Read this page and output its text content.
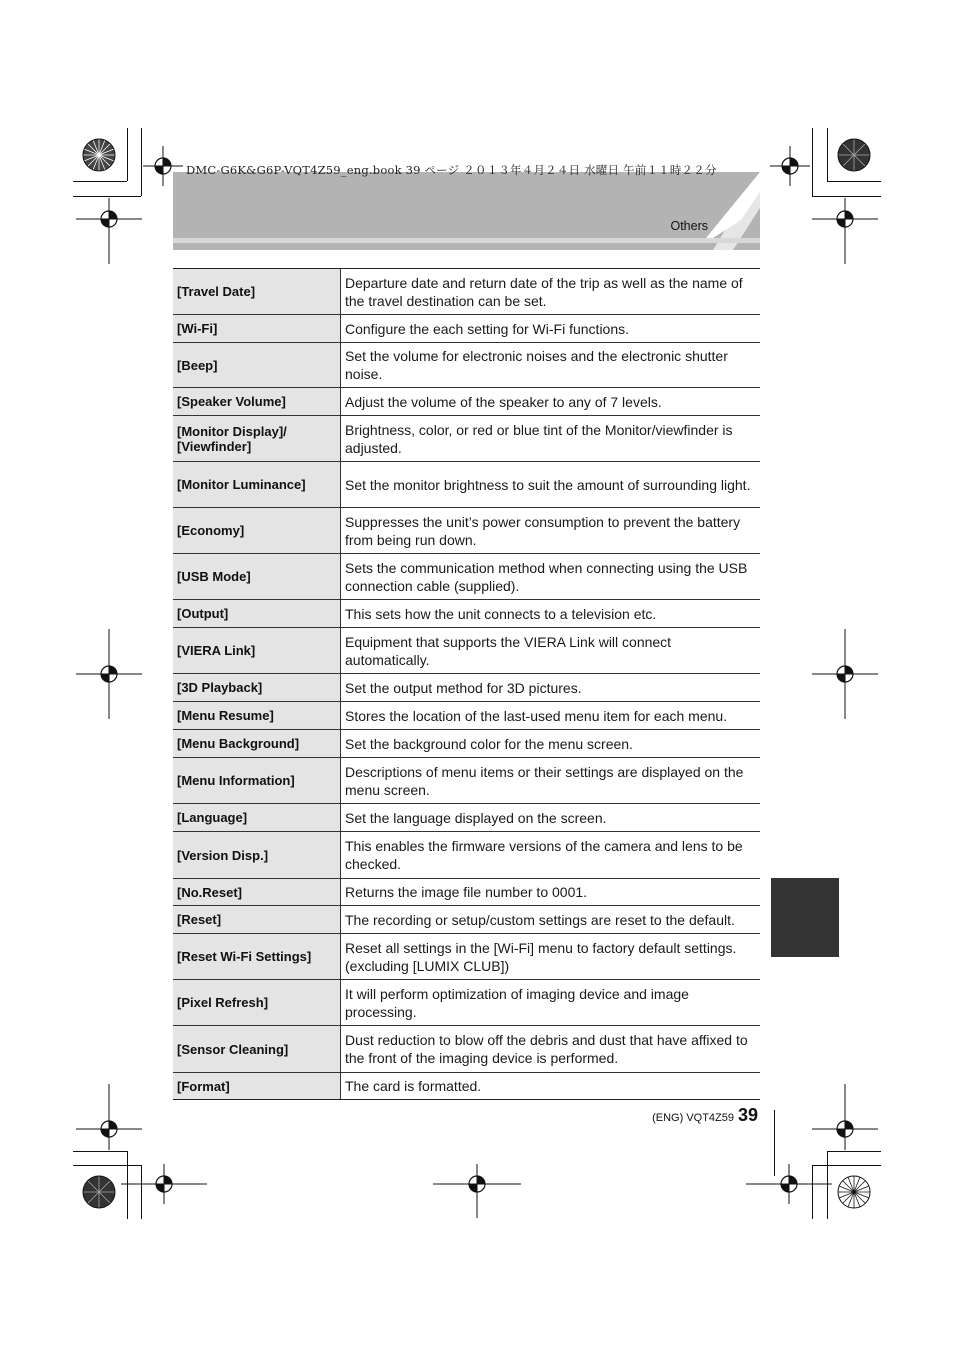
DMC-G6K&G6P-VQT4Z59_eng.book 39 ページ ２０１３年４月２４日 水曜日 午前１１時２２分
Others
[Travel Date]	Departure date and return date of the trip as well as the name of the travel destination can be set.
[Wi-Fi]	Configure the each setting for Wi-Fi functions.
[Beep]	Set the volume for electronic noises and the electronic shutter noise.
[Speaker Volume]	Adjust the volume of the speaker to any of 7 levels.
[Monitor Display]/ [Viewfinder]	Brightness, color, or red or blue tint of the Monitor/viewfinder is adjusted.
[Monitor Luminance]	Set the monitor brightness to suit the amount of surrounding light.
[Economy]	Suppresses the unit’s power consumption to prevent the battery from being run down.
[USB Mode]	Sets the communication method when connecting using the USB connection cable (supplied).
[Output]	This sets how the unit connects to a television etc.
[VIERA Link]	Equipment that supports the VIERA Link will connect automatically.
[3D Playback]	Set the output method for 3D pictures.
[Menu Resume]	Stores the location of the last-used menu item for each menu.
[Menu Background]	Set the background color for the menu screen.
[Menu Information]	Descriptions of menu items or their settings are displayed on the menu screen.
[Language]	Set the language displayed on the screen.
[Version Disp.]	This enables the firmware versions of the camera and lens to be checked.
[No.Reset]	Returns the image file number to 0001.
[Reset]	The recording or setup/custom settings are reset to the default.
[Reset Wi-Fi Settings]	Reset all settings in the [Wi-Fi] menu to factory default settings. (excluding [LUMIX CLUB])
[Pixel Refresh]	It will perform optimization of imaging device and image processing.
[Sensor Cleaning]	Dust reduction to blow off the debris and dust that have affixed to the front of the imaging device is performed.
[Format]	The card is formatted.
(ENG) VQT4Z59 39
